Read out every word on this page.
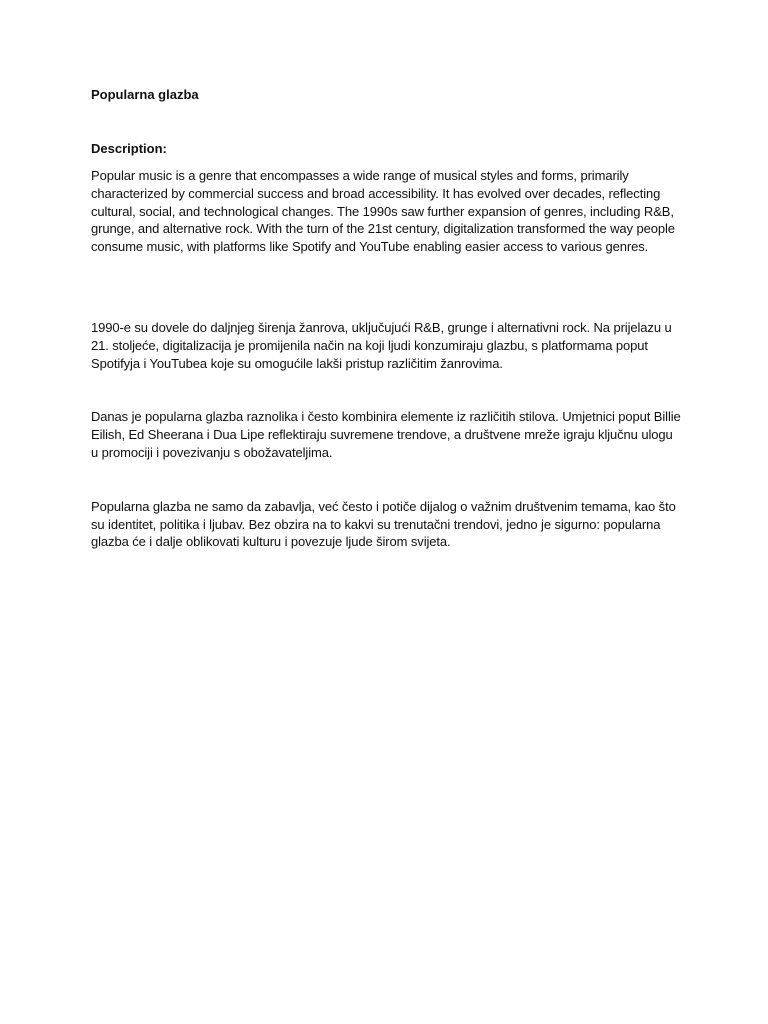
Popularna glazba

Description:

Popular music is a genre that encompasses a wide range of musical styles and forms, primarily characterized by commercial success and broad accessibility. It has evolved over decades, reflecting cultural, social, and technological changes. The 1990s saw further expansion of genres, including R&B, grunge, and alternative rock. With the turn of the 21st century, digitalization transformed the way people consume music, with platforms like Spotify and YouTube enabling easier access to various genres.

1990-e su dovele do daljnjeg širenja žanrova, uključujući R&B, grunge i alternativni rock. Na prijelazu u 21. stoljeće, digitalizacija je promijenila način na koji ljudi konzumiraju glazbu, s platformama poput Spotifyja i YouTubea koje su omogućile lakši pristup različitim žanrovima.

Danas je popularna glazba raznolika i često kombinira elemente iz različitih stilova. Umjetnici poput Billie Eilish, Ed Sheerana i Dua Lipe reflektiraju suvremene trendove, a društvene mreže igraju ključnu ulogu u promociji i povezivanju s obožavateljima.

Popularna glazba ne samo da zabavlja, već često i potiče dijalog o važnim društvenim temama, kao što su identitet, politika i ljubav. Bez obzira na to kakvi su trenutačni trendovi, jedno je sigurno: popularna glazba će i dalje oblikovati kulturu i povezuje ljude širom svijeta.
